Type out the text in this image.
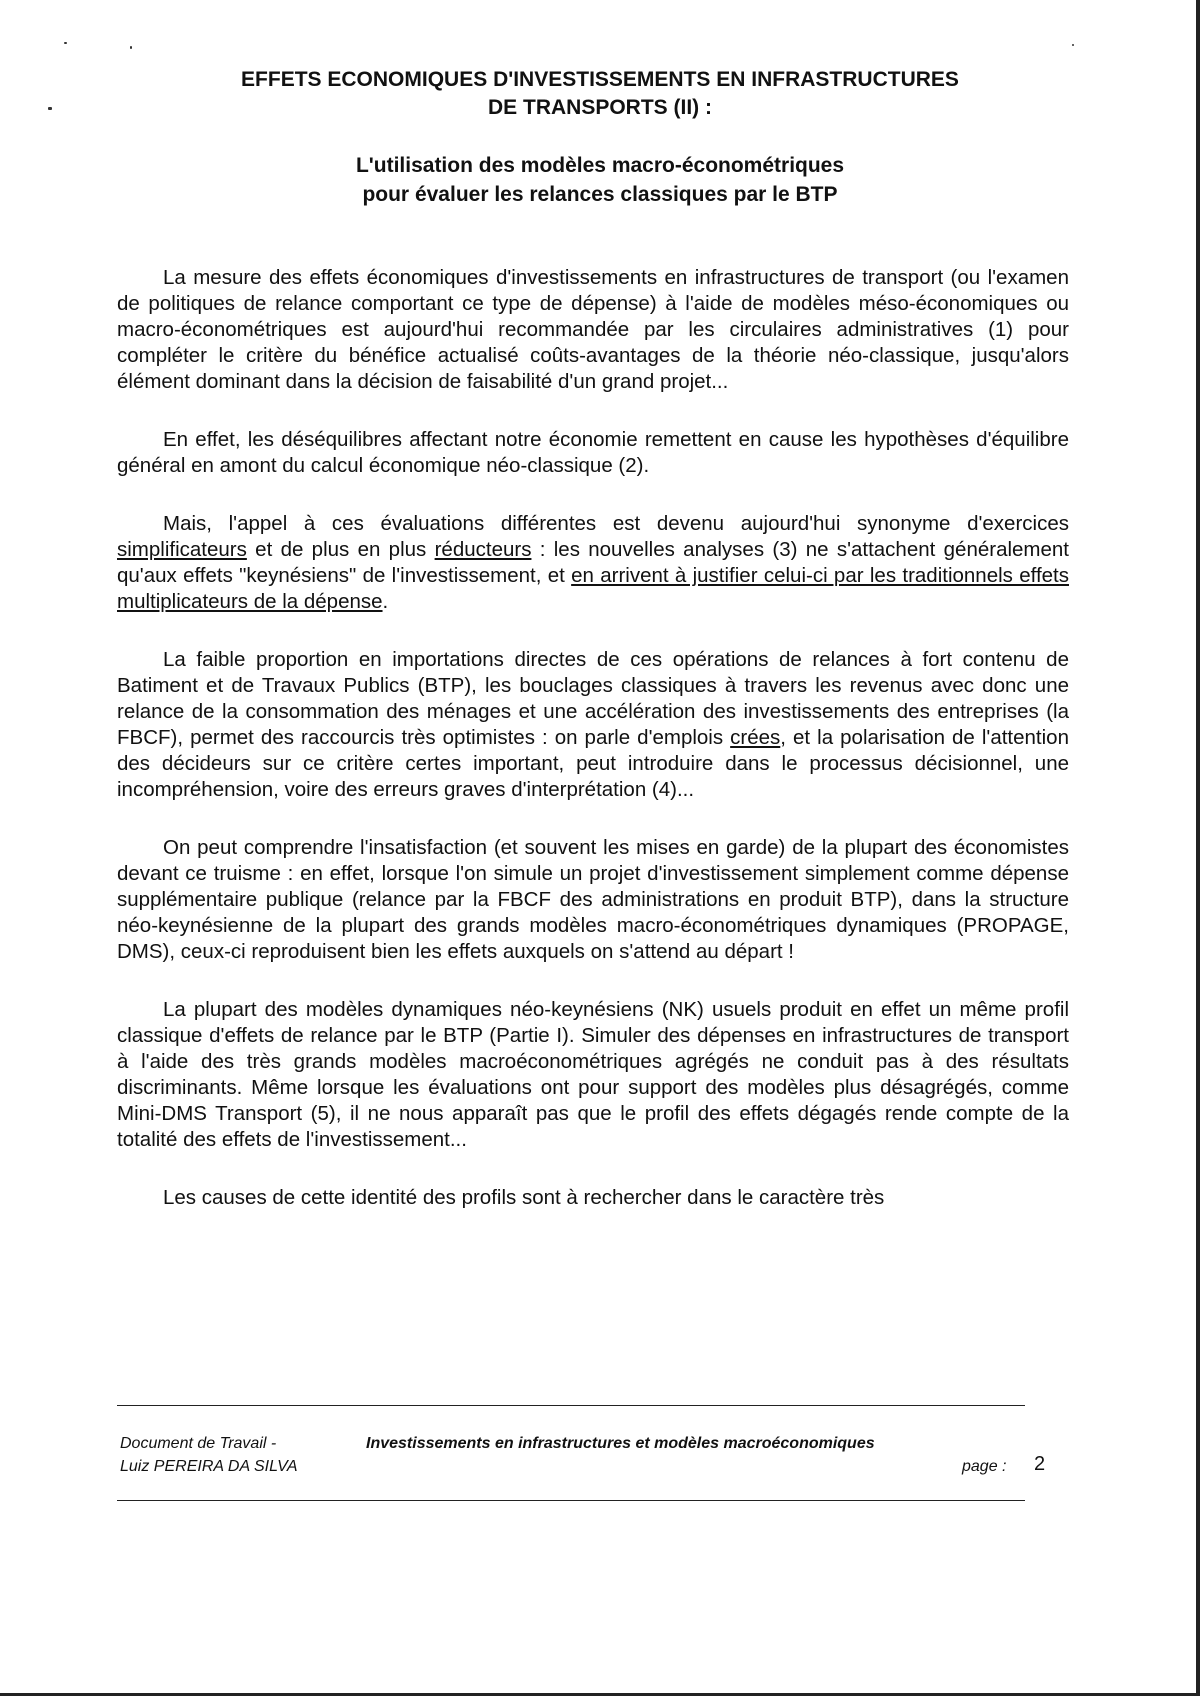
EFFETS ECONOMIQUES D'INVESTISSEMENTS EN INFRASTRUCTURES
DE TRANSPORTS (II) :
L'utilisation des modèles macro-économétriques
pour évaluer les relances classiques par le BTP

La mesure des effets économiques d'investissements en infrastructures de transport (ou l'examen de politiques de relance comportant ce type de dépense) à l'aide de modèles méso-économiques ou macro-économétriques est aujourd'hui recommandée par les circulaires administratives (1) pour compléter le critère du bénéfice actualisé coûts-avantages de la théorie néo-classique, jusqu'alors élément dominant dans la décision de faisabilité d'un grand projet...

En effet, les déséquilibres affectant notre économie remettent en cause les hypothèses d'équilibre général en amont du calcul économique néo-classique (2).

Mais, l'appel à ces évaluations différentes est devenu aujourd'hui synonyme d'exercices simplificateurs et de plus en plus réducteurs : les nouvelles analyses (3) ne s'attachent généralement qu'aux effets "keynésiens" de l'investissement, et en arrivent à justifier celui-ci par les traditionnels effets multiplicateurs de la dépense.

La faible proportion en importations directes de ces opérations de relances à fort contenu de Batiment et de Travaux Publics (BTP), les bouclages classiques à travers les revenus avec donc une relance de la consommation des ménages et une accélération des investissements des entreprises (la FBCF), permet des raccourcis très optimistes : on parle d'emplois crées, et la polarisation de l'attention des décideurs sur ce critère certes important, peut introduire dans le processus décisionnel, une incompréhension, voire des erreurs graves d'interprétation (4)...

On peut comprendre l'insatisfaction (et souvent les mises en garde) de la plupart des économistes devant ce truisme : en effet, lorsque l'on simule un projet d'investissement simplement comme dépense supplémentaire publique (relance par la FBCF des administrations en produit BTP), dans la structure néo-keynésienne de la plupart des grands modèles macro-économétriques dynamiques (PROPAGE, DMS), ceux-ci reproduisent bien les effets auxquels on s'attend au départ !

La plupart des modèles dynamiques néo-keynésiens (NK) usuels produit en effet un même profil classique d'effets de relance par le BTP (Partie I). Simuler des dépenses en infrastructures de transport à l'aide des très grands modèles macroéconométriques agrégés ne conduit pas à des résultats discriminants. Même lorsque les évaluations ont pour support des modèles plus désagrégés, comme Mini-DMS Transport (5), il ne nous apparaît pas que le profil des effets dégagés rende compte de la totalité des effets de l'investissement...

Les causes de cette identité des profils sont à rechercher dans le caractère très

Document de Travail -
Luiz PEREIRA DA SILVA
Investissements en infrastructures et modèles macroéconomiques
page : 2
